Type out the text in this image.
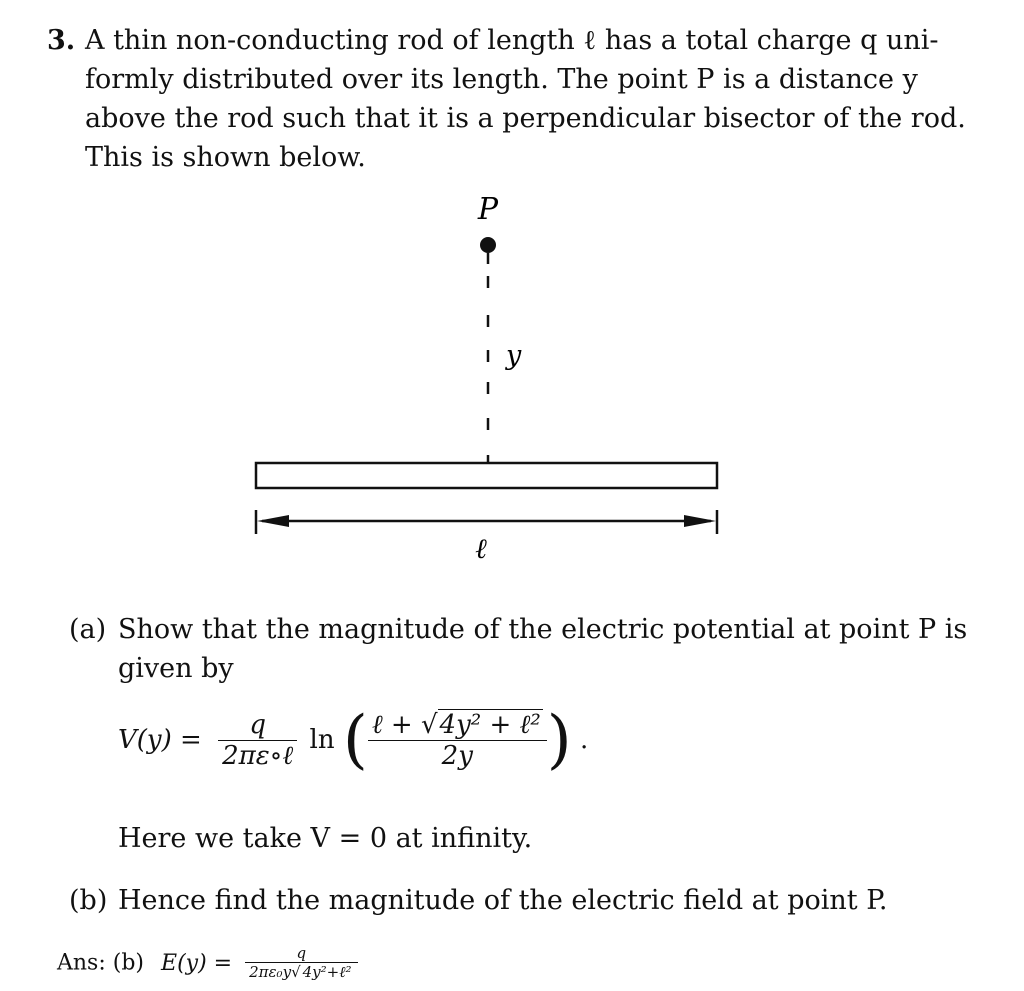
3. A thin non-conducting rod of length ℓ has a total charge q uni-
formly distributed over its length. The point P is a distance y
above the rod such that it is a perpendicular bisector of the rod.
This is shown below.
P
y
ℓ
(a) Show that the magnitude of the electric potential at point P is
given by
$V(y) = \frac{q}{\text{2πε∘ℓ}}$ ln ( $\frac{\text{ℓ + √4y² + ℓ²}}{2y}$ ) .
Here we take V = 0 at infinity.
(b) Hence find the magnitude of the electric field at point P.
Ans: (b) $E(y) = \frac{q}{\text{2πε₀y√ 4y²+ℓ²}}$
